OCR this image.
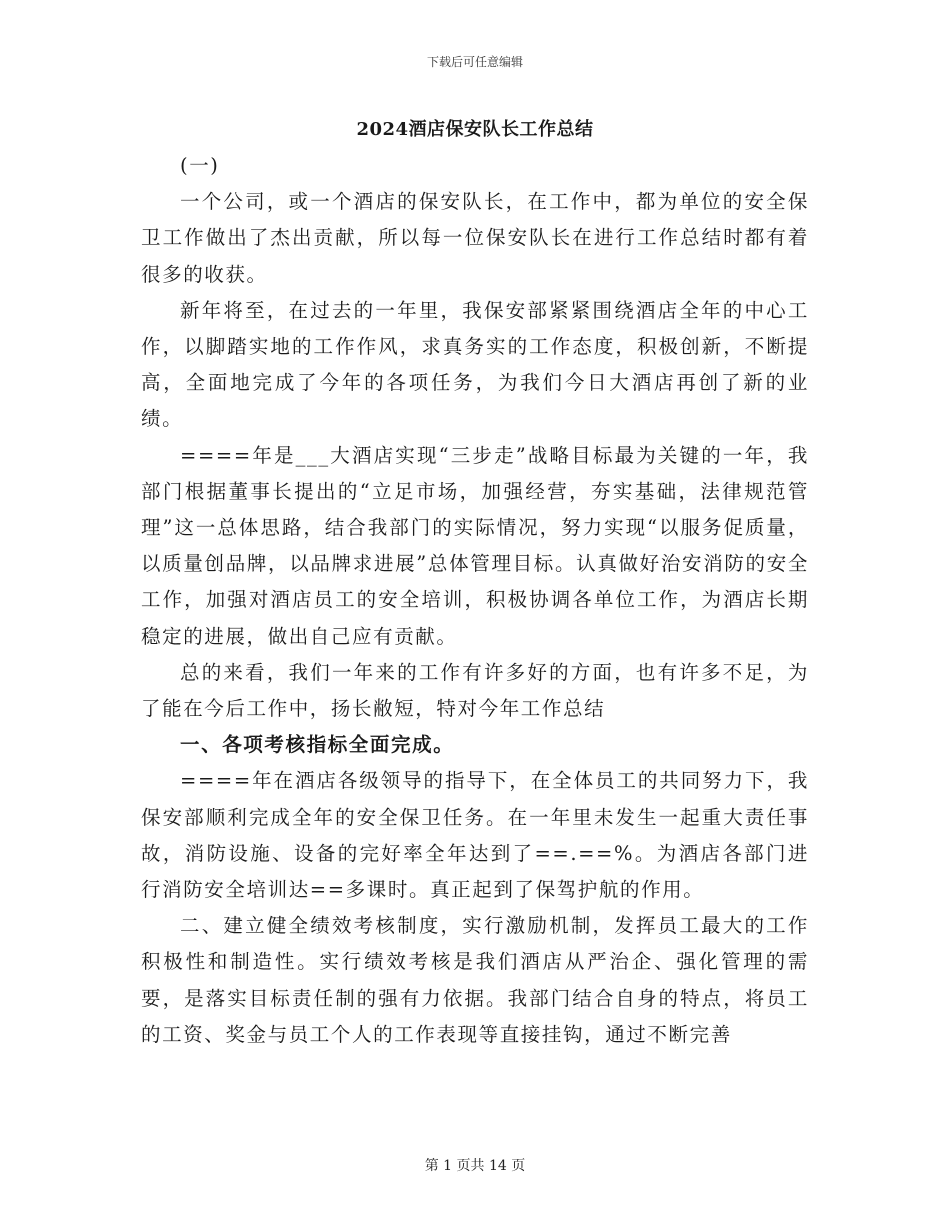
下载后可任意编辑
2024酒店保安队长工作总结

(一)

一个公司，或一个酒店的保安队长，在工作中，都为单位的安全保卫工作做出了杰出贡献，所以每一位保安队长在进行工作总结时都有着很多的收获。

新年将至，在过去的一年里，我保安部紧紧围绕酒店全年的中心工作，以脚踏实地的工作作风，求真务实的工作态度，积极创新，不断提高，全面地完成了今年的各项任务，为我们今日大酒店再创了新的业绩。

====年是___大酒店实现“三步走”战略目标最为关键的一年，我部门根据董事长提出的“立足市场，加强经营，夯实基础，法律规范管理”这一总体思路，结合我部门的实际情况，努力实现“以服务促质量，以质量创品牌，以品牌求进展”总体管理目标。认真做好治安消防的安全工作，加强对酒店员工的安全培训，积极协调各单位工作，为酒店长期稳定的进展，做出自己应有贡献。

总的来看，我们一年来的工作有许多好的方面，也有许多不足，为了能在今后工作中，扬长敝短，特对今年工作总结

一、各项考核指标全面完成。

====年在酒店各级领导的指导下，在全体员工的共同努力下，我保安部顺利完成全年的安全保卫任务。在一年里未发生一起重大责任事故，消防设施、设备的完好率全年达到了==.==%。为酒店各部门进行消防安全培训达==多课时。真正起到了保驾护航的作用。

二、建立健全绩效考核制度，实行激励机制，发挥员工最大的工作积极性和制造性。实行绩效考核是我们酒店从严治企、强化管理的需要，是落实目标责任制的强有力依据。我部门结合自身的特点，将员工的工资、奖金与员工个人的工作表现等直接挂钩，通过不断完善

第 1 页共 14 页
